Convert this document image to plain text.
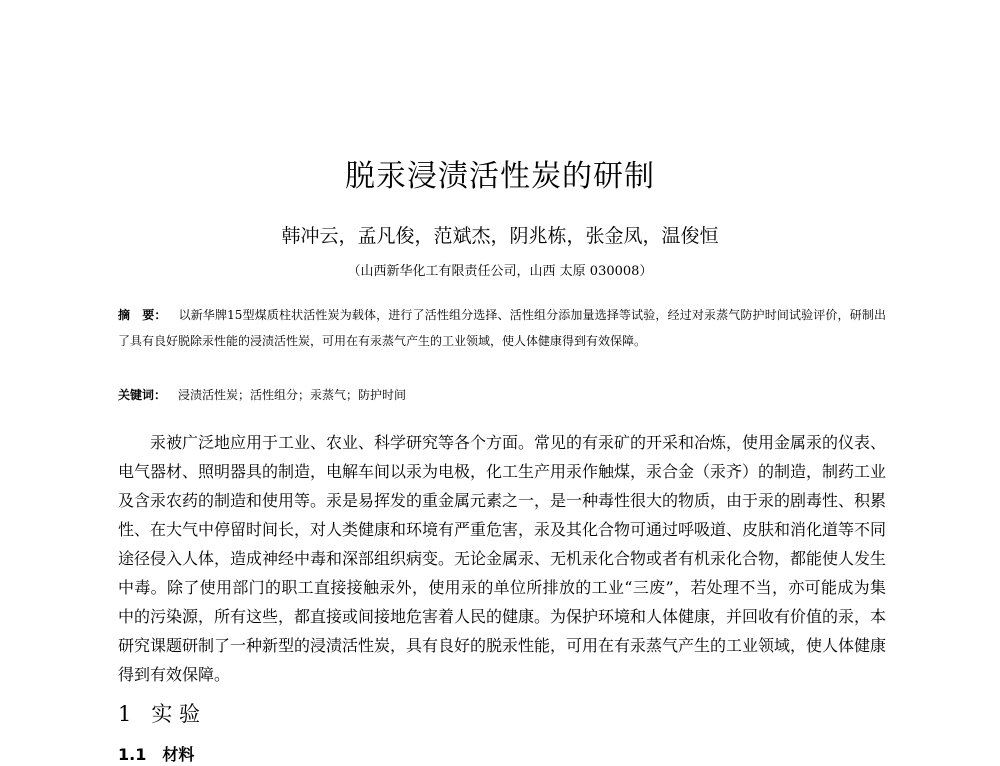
脱汞浸渍活性炭的研制
韩冲云，孟凡俊，范斌杰，阴兆栋，张金凤，温俊恒
（山西新华化工有限责任公司，山西 太原 030008）
摘　要： 以新华牌15型煤质柱状活性炭为载体，进行了活性组分选择、活性组分添加量选择等试验，经过对汞蒸气防护时间试验评价，研制出了具有良好脱除汞性能的浸渍活性炭，可用在有汞蒸气产生的工业领域，使人体健康得到有效保障。
关键词： 浸渍活性炭；活性组分；汞蒸气；防护时间
汞被广泛地应用于工业、农业、科学研究等各个方面。常见的有汞矿的开采和冶炼，使用金属汞的仪表、电气器材、照明器具的制造，电解车间以汞为电极，化工生产用汞作触煤，汞合金（汞齐）的制造，制药工业及含汞农药的制造和使用等。汞是易挥发的重金属元素之一，是一种毒性很大的物质，由于汞的剧毒性、积累性、在大气中停留时间长，对人类健康和环境有严重危害，汞及其化合物可通过呼吸道、皮肤和消化道等不同途径侵入人体，造成神经中毒和深部组织病变。无论金属汞、无机汞化合物或者有机汞化合物，都能使人发生中毒。除了使用部门的职工直接接触汞外，使用汞的单位所排放的工业“三废”，若处理不当，亦可能成为集中的污染源，所有这些，都直接或间接地危害着人民的健康。为保护环境和人体健康，并回收有价值的汞，本研究课题研制了一种新型的浸渍活性炭，具有良好的脱汞性能，可用在有汞蒸气产生的工业领域，使人体健康得到有效保障。
1 实 验
1.1 材料
